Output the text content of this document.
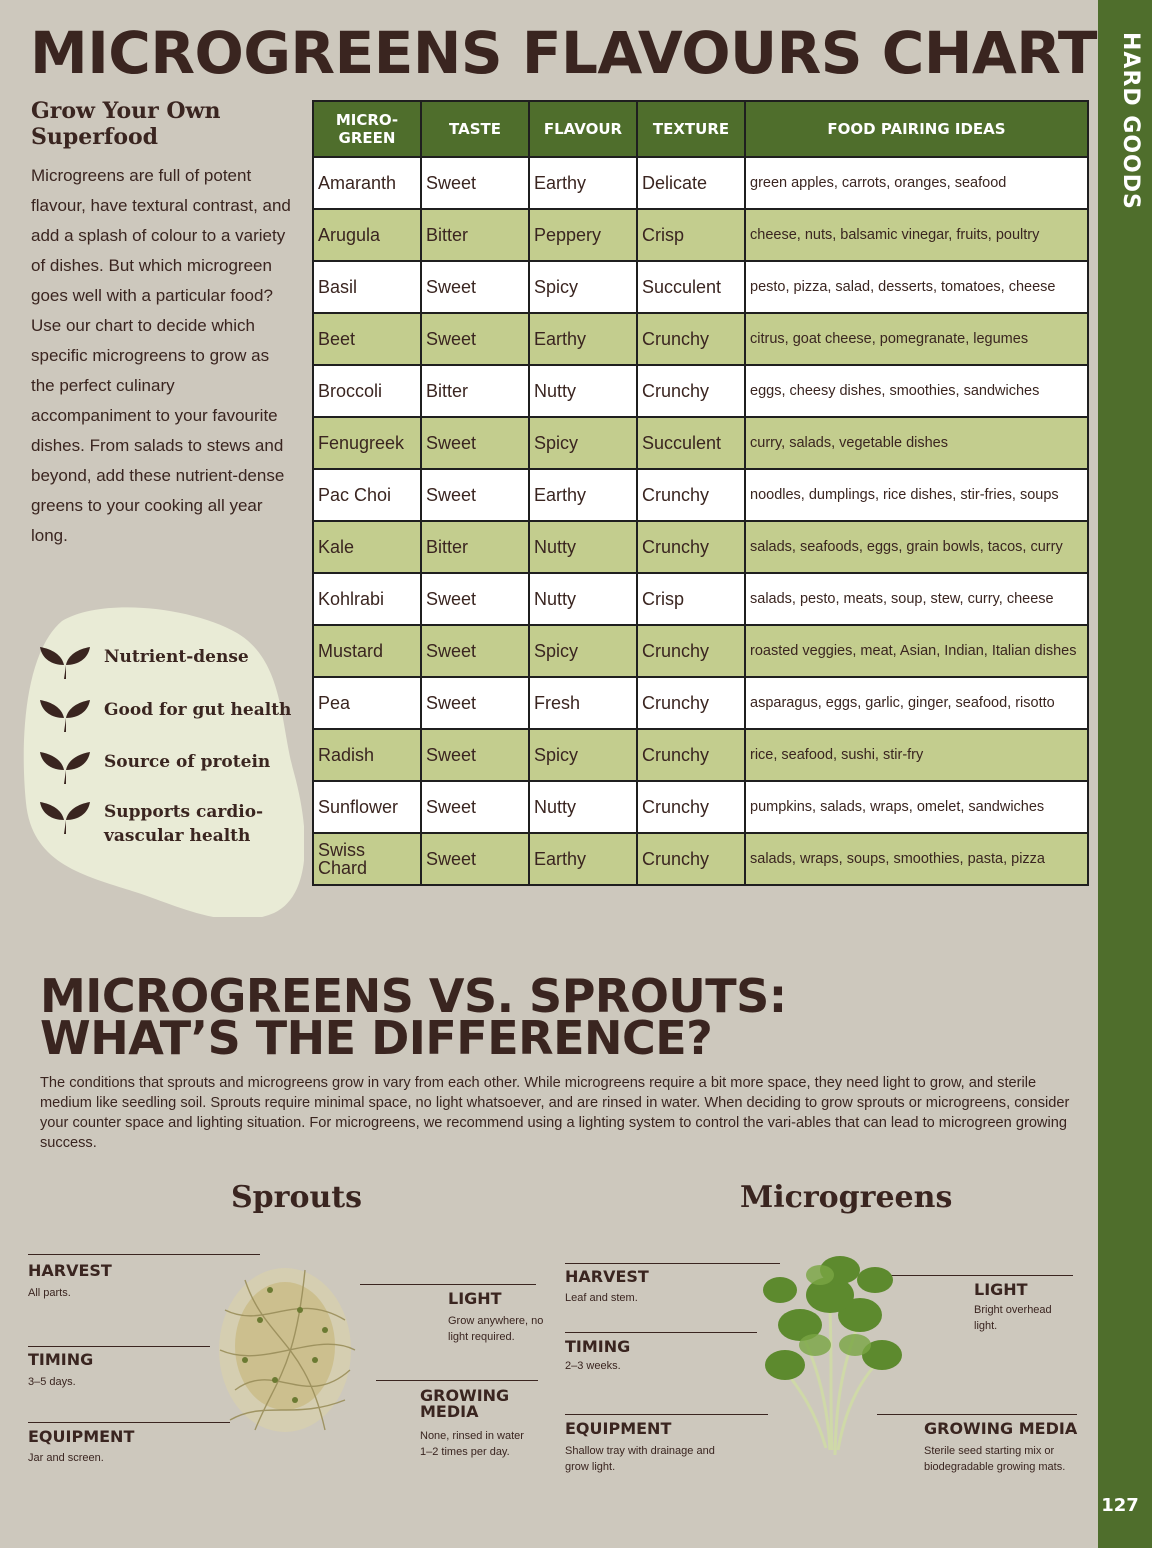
HARD GOODS
127
MICROGREENS FLAVOURS CHART
Grow Your Own Superfood

Microgreens are full of potent flavour, have textural contrast, and add a splash of colour to a variety of dishes. But which microgreen goes well with a particular food? Use our chart to decide which specific microgreens to grow as the perfect culinary accompaniment to your favourite dishes. From salads to stews and beyond, add these nutrient-dense greens to your cooking all year long.

Nutrient-dense
Good for gut health
Source of protein
Supports cardio-vascular health
MICRO-GREEN	TASTE	FLAVOUR	TEXTURE	FOOD PAIRING IDEAS
Amaranth	Sweet	Earthy	Delicate	green apples, carrots, oranges, seafood
Arugula	Bitter	Peppery	Crisp	cheese, nuts, balsamic vinegar, fruits, poultry
Basil	Sweet	Spicy	Succulent	pesto, pizza, salad, desserts, tomatoes, cheese
Beet	Sweet	Earthy	Crunchy	citrus, goat cheese, pomegranate, legumes
Broccoli	Bitter	Nutty	Crunchy	eggs, cheesy dishes, smoothies, sandwiches
Fenugreek	Sweet	Spicy	Succulent	curry, salads, vegetable dishes
Pac Choi	Sweet	Earthy	Crunchy	noodles, dumplings, rice dishes, stir-fries, soups
Kale	Bitter	Nutty	Crunchy	salads, seafoods, eggs, grain bowls, tacos, curry
Kohlrabi	Sweet	Nutty	Crisp	salads, pesto, meats, soup, stew, curry, cheese
Mustard	Sweet	Spicy	Crunchy	roasted veggies, meat, Asian, Indian, Italian dishes
Pea	Sweet	Fresh	Crunchy	asparagus, eggs, garlic, ginger, seafood, risotto
Radish	Sweet	Spicy	Crunchy	rice, seafood, sushi, stir-fry
Sunflower	Sweet	Nutty	Crunchy	pumpkins, salads, wraps, omelet, sandwiches
Swiss Chard	Sweet	Earthy	Crunchy	salads, wraps, soups, smoothies, pasta, pizza
MICROGREENS VS. SPROUTS:
WHAT’S THE DIFFERENCE?

The conditions that sprouts and microgreens grow in vary from each other. While microgreens require a bit more space, they need light to grow, and sterile medium like seedling soil. Sprouts require minimal space, no light whatsoever, and are rinsed in water. When deciding to grow sprouts or microgreens, consider your counter space and lighting situation. For microgreens, we recommend using a lighting system to control the vari-ables that can lead to microgreen growing success.

Sprouts

HARVEST

All parts.

TIMING

3–5 days.

EQUIPMENT

Jar and screen.

LIGHT

Grow anywhere, no light required.

GROWING MEDIA

None, rinsed in water 1–2 times per day.

Microgreens

HARVEST

Leaf and stem.

TIMING

2–3 weeks.

EQUIPMENT

Shallow tray with drainage and grow light.

LIGHT

Bright overhead light.

GROWING MEDIA

Sterile seed starting mix or biodegradable growing mats.
